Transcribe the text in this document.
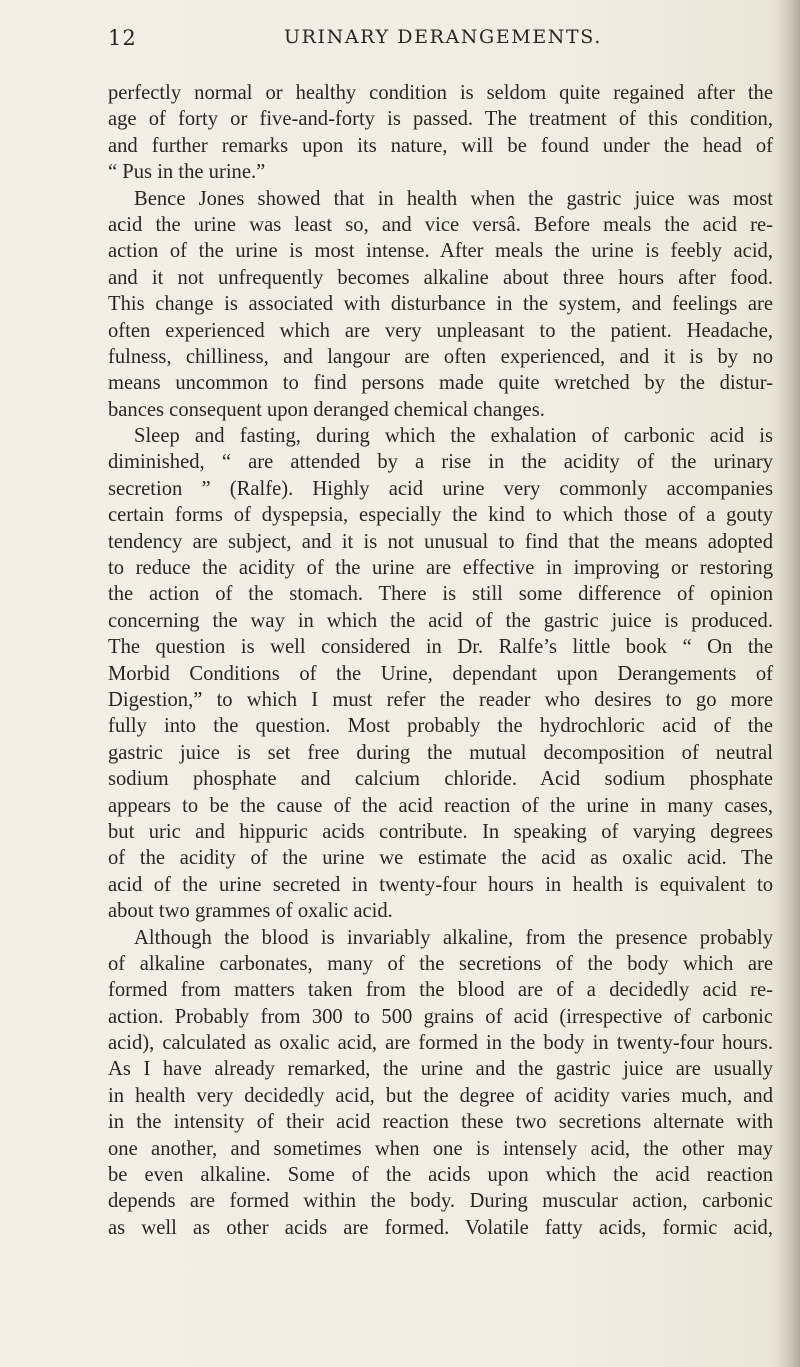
12	URINARY DERANGEMENTS.
perfectly normal or healthy condition is seldom quite regained after the
age of forty or five-and-forty is passed. The treatment of this condition,
and further remarks upon its nature, will be found under the head of
“ Pus in the urine.”
Bence Jones showed that in health when the gastric juice was most
acid the urine was least so, and vice versâ. Before meals the acid re-
action of the urine is most intense. After meals the urine is feebly acid,
and it not unfrequently becomes alkaline about three hours after food.
This change is associated with disturbance in the system, and feelings are
often experienced which are very unpleasant to the patient. Headache,
fulness, chilliness, and langour are often experienced, and it is by no
means uncommon to find persons made quite wretched by the distur-
bances consequent upon deranged chemical changes.
Sleep and fasting, during which the exhalation of carbonic acid is
diminished, “ are attended by a rise in the acidity of the urinary
secretion ” (Ralfe). Highly acid urine very commonly accompanies
certain forms of dyspepsia, especially the kind to which those of a gouty
tendency are subject, and it is not unusual to find that the means adopted
to reduce the acidity of the urine are effective in improving or restoring
the action of the stomach. There is still some difference of opinion
concerning the way in which the acid of the gastric juice is produced.
The question is well considered in Dr. Ralfe’s little book “ On the
Morbid Conditions of the Urine, dependant upon Derangements of
Digestion,” to which I must refer the reader who desires to go more
fully into the question. Most probably the hydrochloric acid of the
gastric juice is set free during the mutual decomposition of neutral
sodium phosphate and calcium chloride. Acid sodium phosphate
appears to be the cause of the acid reaction of the urine in many cases,
but uric and hippuric acids contribute. In speaking of varying degrees
of the acidity of the urine we estimate the acid as oxalic acid. The
acid of the urine secreted in twenty-four hours in health is equivalent to
about two grammes of oxalic acid.
Although the blood is invariably alkaline, from the presence probably
of alkaline carbonates, many of the secretions of the body which are
formed from matters taken from the blood are of a decidedly acid re-
action. Probably from 300 to 500 grains of acid (irrespective of carbonic
acid), calculated as oxalic acid, are formed in the body in twenty-four hours.
As I have already remarked, the urine and the gastric juice are usually
in health very decidedly acid, but the degree of acidity varies much, and
in the intensity of their acid reaction these two secretions alternate with
one another, and sometimes when one is intensely acid, the other may
be even alkaline. Some of the acids upon which the acid reaction
depends are formed within the body. During muscular action, carbonic
as well as other acids are formed. Volatile fatty acids, formic acid,
